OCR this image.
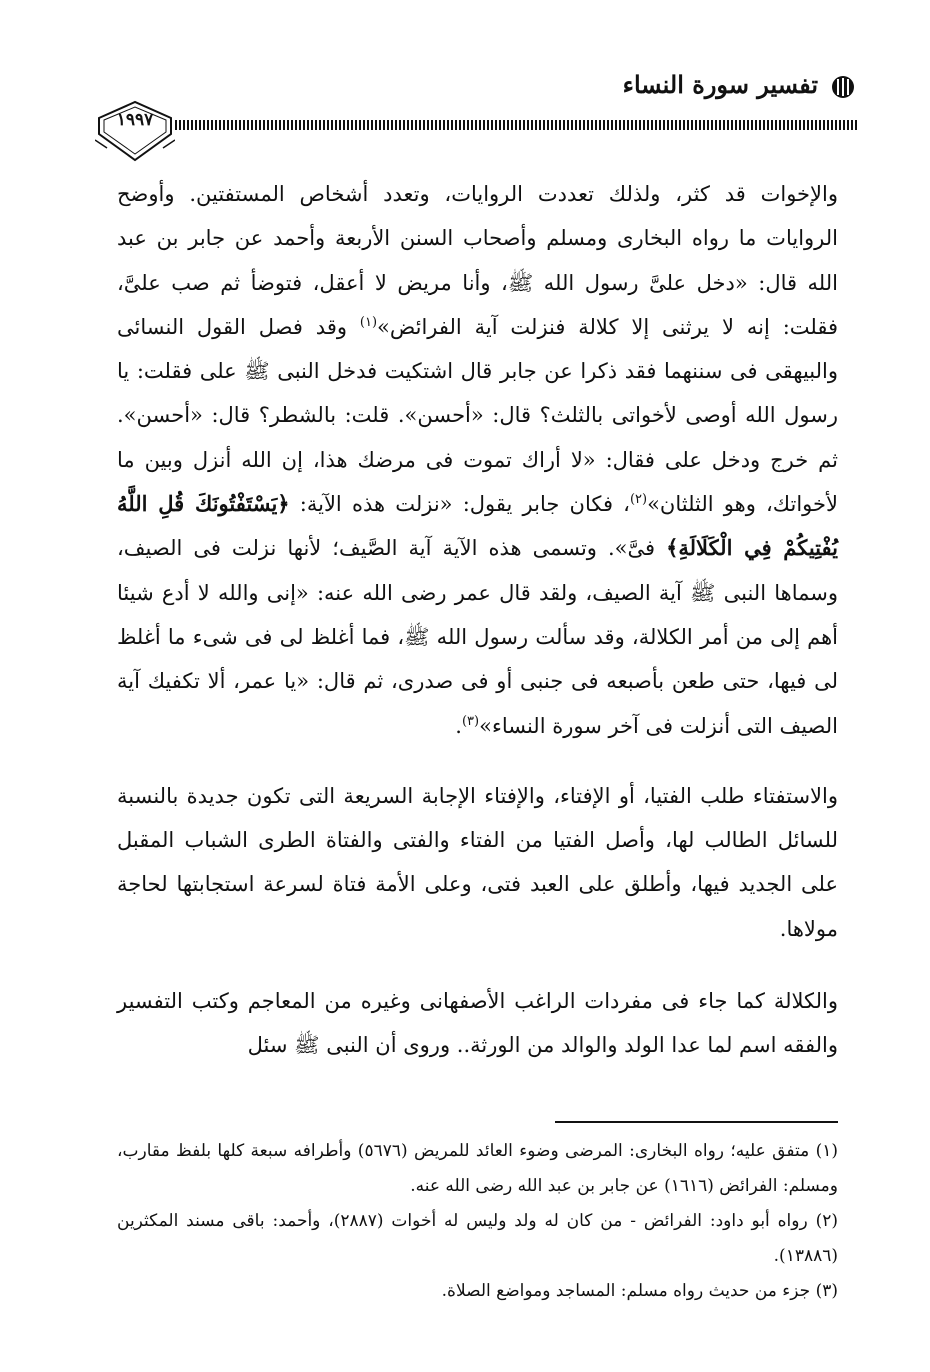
تفسير سورة النساء
١٩٩٧

والإخوات قد كثر، ولذلك تعددت الروايات، وتعدد أشخاص المستفتين. وأوضح الروايات ما رواه البخارى ومسلم وأصحاب السنن الأربعة وأحمد عن جابر بن عبد الله قال: «دخل علىَّ رسول الله ﷺ، وأنا مريض لا أعقل، فتوضأ ثم صب علىَّ، فقلت: إنه لا يرثنى إلا كلالة فنزلت آية الفرائض»$^{(١)}$ وقد فصل القول النسائى والبيهقى فى سننهما فقد ذكرا عن جابر قال اشتكيت فدخل النبى ﷺ على فقلت: يا رسول الله أوصى لأخواتى بالثلث؟ قال: «أحسن». قلت: بالشطر؟ قال: «أحسن». ثم خرج ودخل على فقال: «لا أراك تموت فى مرضك هذا، إن الله أنزل وبين ما لأخواتك، وهو الثلثان»$^{(٢)}$، فكان جابر يقول: «نزلت هذه الآية: ﴿يَسْتَفْتُونَكَ قُلِ اللَّهُ يُفْتِيكُمْ فِي الْكَلَالَةِ﴾ فىَّ». وتسمى هذه الآية آية الصَّيف؛ لأنها نزلت فى الصيف، وسماها النبى ﷺ آية الصيف، ولقد قال عمر رضى الله عنه: «إنى والله لا أدع شيئا أهم إلى من أمر الكلالة، وقد سألت رسول الله ﷺ، فما أغلظ لى فى شىء ما أغلظ لى فيها، حتى طعن بأصبعه فى جنبى أو فى صدرى، ثم قال: «يا عمر، ألا تكفيك آية الصيف التى أنزلت فى آخر سورة النساء»$^{(٣)}$.

والاستفتاء طلب الفتيا، أو الإفتاء، والإفتاء الإجابة السريعة التى تكون جديدة بالنسبة للسائل الطالب لها، وأصل الفتيا من الفتاء والفتى والفتاة الطرى الشباب المقبل على الجديد فيها، وأطلق على العبد فتى، وعلى الأمة فتاة لسرعة استجابتها لحاجة مولاها.

والكلالة كما جاء فى مفردات الراغب الأصفهانى وغيره من المعاجم وكتب التفسير والفقه اسم لما عدا الولد والوالد من الورثة.. وروى أن النبى ﷺ سئل

(١) متفق عليه؛ رواه البخارى: المرضى وضوء العائد للمريض (٥٦٧٦) وأطرافه سبعة كلها بلفظ مقارب، ومسلم: الفرائض (١٦١٦) عن جابر بن عبد الله رضى الله عنه.
(٢) رواه أبو داود: الفرائض - من كان له ولد وليس له أخوات (٢٨٨٧)، وأحمد: باقى مسند المكثرين (١٣٨٨٦).
(٣) جزء من حديث رواه مسلم: المساجد ومواضع الصلاة.
